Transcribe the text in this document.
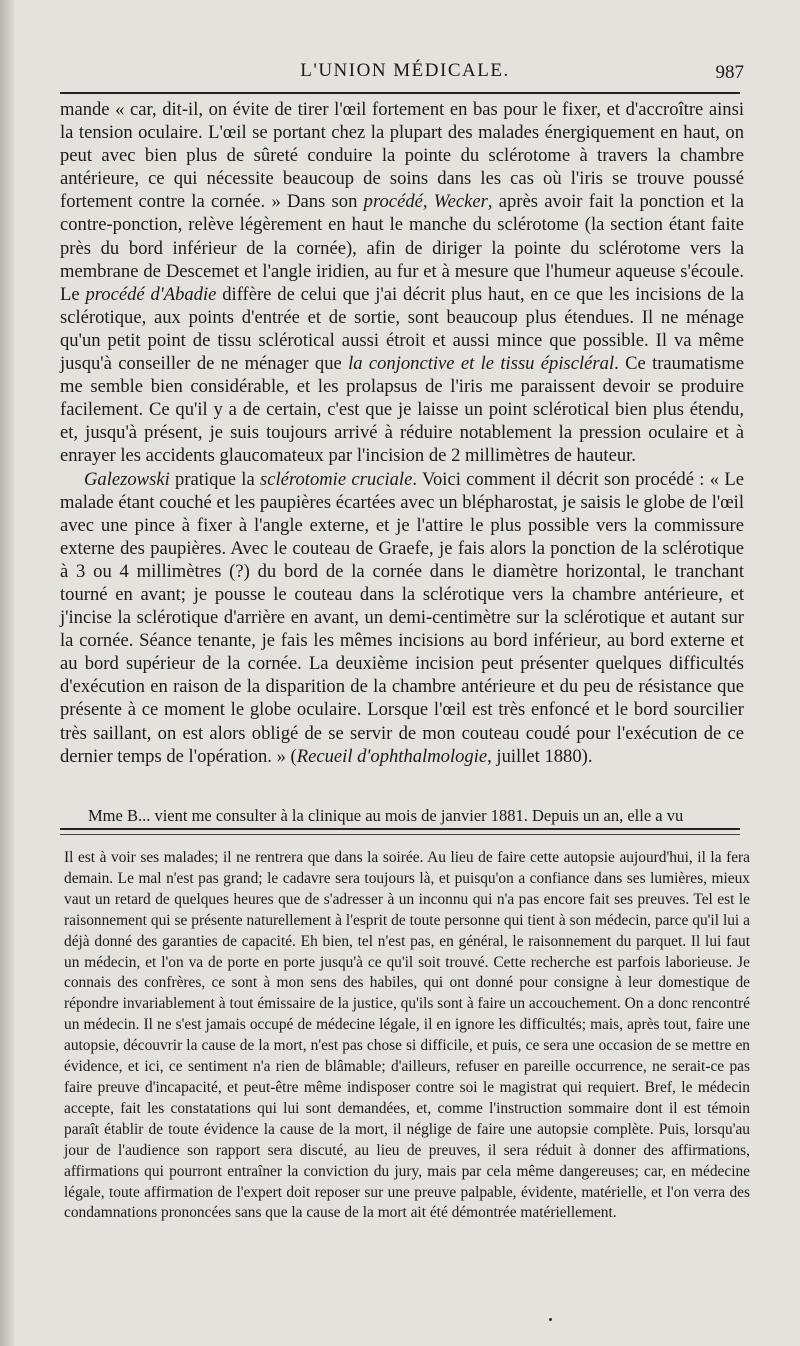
L'UNION MÉDICALE.	987

mande « car, dit-il, on évite de tirer l'œil fortement en bas pour le fixer, et d'accroître ainsi la tension oculaire. L'œil se portant chez la plupart des malades énergiquement en haut, on peut avec bien plus de sûreté conduire la pointe du sclérotome à travers la chambre antérieure, ce qui nécessite beaucoup de soins dans les cas où l'iris se trouve poussé fortement contre la cornée. » Dans son procédé, Wecker, après avoir fait la ponction et la contre-ponction, relève légèrement en haut le manche du sclérotome (la section étant faite près du bord inférieur de la cornée), afin de diriger la pointe du sclérotome vers la membrane de Descemet et l'angle iridien, au fur et à mesure que l'humeur aqueuse s'écoule. Le procédé d'Abadie diffère de celui que j'ai décrit plus haut, en ce que les incisions de la sclérotique, aux points d'entrée et de sortie, sont beaucoup plus étendues. Il ne ménage qu'un petit point de tissu sclérotical aussi étroit et aussi mince que possible. Il va même jusqu'à conseiller de ne ménager que la conjonctive et le tissu épiscléral. Ce traumatisme me semble bien considérable, et les prolapsus de l'iris me paraissent devoir se produire facilement. Ce qu'il y a de certain, c'est que je laisse un point sclérotical bien plus étendu, et, jusqu'à présent, je suis toujours arrivé à réduire notablement la pression oculaire et à enrayer les accidents glaucomateux par l'incision de 2 millimètres de hauteur.

Galezowski pratique la sclérotomie cruciale. Voici comment il décrit son procédé : « Le malade étant couché et les paupières écartées avec un blépharostat, je saisis le globe de l'œil avec une pince à fixer à l'angle externe, et je l'attire le plus possible vers la commissure externe des paupières. Avec le couteau de Graefe, je fais alors la ponction de la sclérotique à 3 ou 4 millimètres (?) du bord de la cornée dans le diamètre horizontal, le tranchant tourné en avant; je pousse le couteau dans la sclérotique vers la chambre antérieure, et j'incise la sclérotique d'arrière en avant, un demi-centimètre sur la sclérotique et autant sur la cornée. Séance tenante, je fais les mêmes incisions au bord inférieur, au bord externe et au bord supérieur de la cornée. La deuxième incision peut présenter quelques difficultés d'exécution en raison de la disparition de la chambre antérieure et du peu de résistance que présente à ce moment le globe oculaire. Lorsque l'œil est très enfoncé et le bord sourcilier très saillant, on est alors obligé de se servir de mon couteau coudé pour l'exécution de ce dernier temps de l'opération. » (Recueil d'ophthalmologie, juillet 1880).

Mme B... vient me consulter à la clinique au mois de janvier 1881. Depuis un an, elle a vu

Il est à voir ses malades; il ne rentrera que dans la soirée. Au lieu de faire cette autopsie aujourd'hui, il la fera demain. Le mal n'est pas grand; le cadavre sera toujours là, et puisqu'on a confiance dans ses lumières, mieux vaut un retard de quelques heures que de s'adresser à un inconnu qui n'a pas encore fait ses preuves. Tel est le raisonnement qui se présente naturellement à l'esprit de toute personne qui tient à son médecin, parce qu'il lui a déjà donné des garanties de capacité. Eh bien, tel n'est pas, en général, le raisonnement du parquet. Il lui faut un médecin, et l'on va de porte en porte jusqu'à ce qu'il soit trouvé. Cette recherche est parfois laborieuse. Je connais des confrères, ce sont à mon sens des habiles, qui ont donné pour consigne à leur domestique de répondre invariablement à tout émissaire de la justice, qu'ils sont à faire un accouchement. On a donc rencontré un médecin. Il ne s'est jamais occupé de médecine légale, il en ignore les difficultés; mais, après tout, faire une autopsie, découvrir la cause de la mort, n'est pas chose si difficile, et puis, ce sera une occasion de se mettre en évidence, et ici, ce sentiment n'a rien de blâmable; d'ailleurs, refuser en pareille occurrence, ne serait-ce pas faire preuve d'incapacité, et peut-être même indisposer contre soi le magistrat qui requiert. Bref, le médecin accepte, fait les constatations qui lui sont demandées, et, comme l'instruction sommaire dont il est témoin paraît établir de toute évidence la cause de la mort, il néglige de faire une autopsie complète. Puis, lorsqu'au jour de l'audience son rapport sera discuté, au lieu de preuves, il sera réduit à donner des affirmations, affirmations qui pourront entraîner la conviction du jury, mais par cela même dangereuses; car, en médecine légale, toute affirmation de l'expert doit reposer sur une preuve palpable, évidente, matérielle, et l'on verra des condamnations prononcées sans que la cause de la mort ait été démontrée matériellement.
